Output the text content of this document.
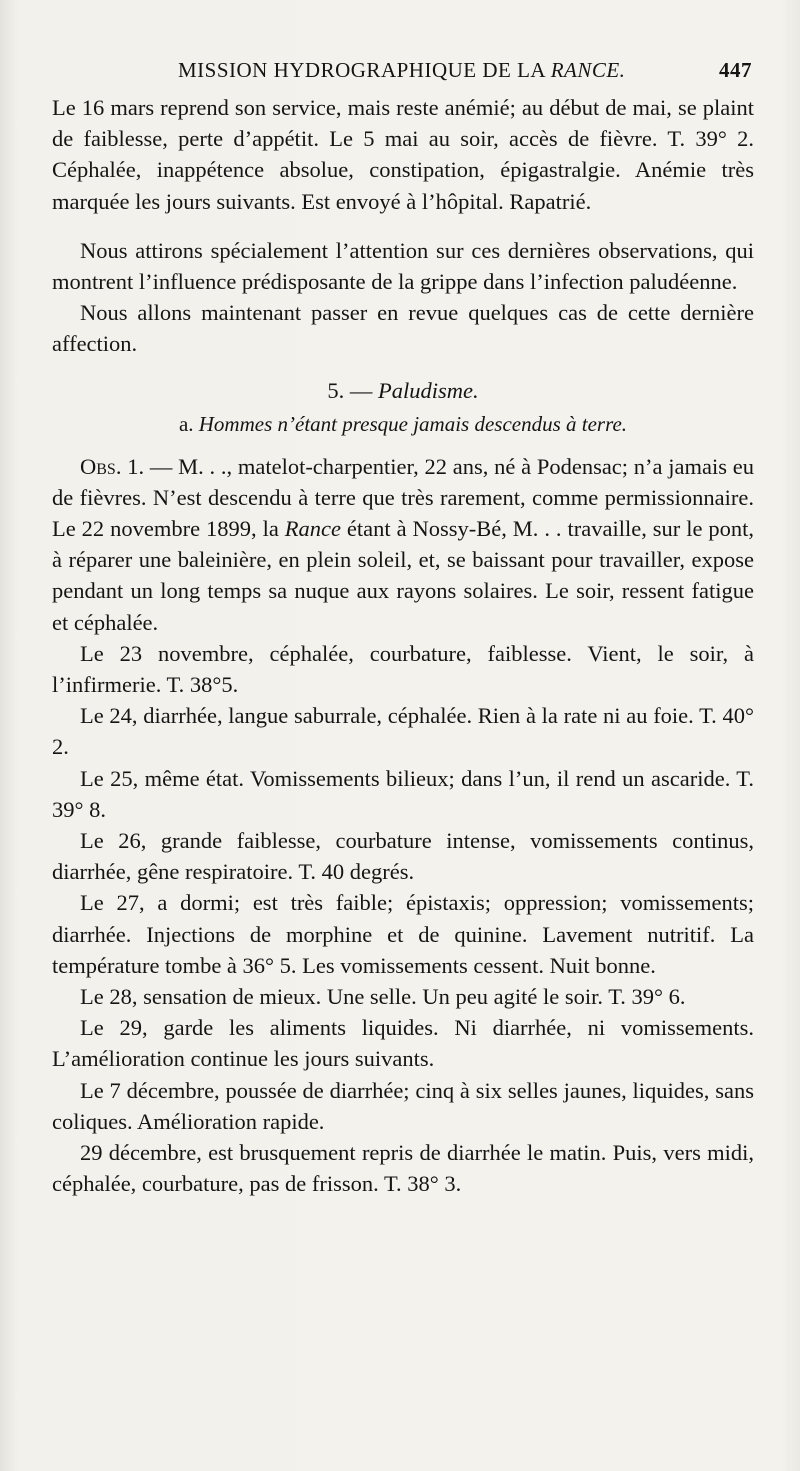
MISSION HYDROGRAPHIQUE DE LA RANCE.	447

Le 16 mars reprend son service, mais reste anémié; au début de mai, se plaint de faiblesse, perte d’appétit. Le 5 mai au soir, accès de fièvre. T. 39° 2. Céphalée, inappétence absolue, constipation, épigastralgie. Anémie très marquée les jours suivants. Est envoyé à l’hôpital. Rapatrié.

Nous attirons spécialement l’attention sur ces dernières observations, qui montrent l’influence prédisposante de la grippe dans l’infection paludéenne.

Nous allons maintenant passer en revue quelques cas de cette dernière affection.

5. — Paludisme.
a. Hommes n’étant presque jamais descendus à terre.

Obs. 1. — M. . ., matelot-charpentier, 22 ans, né à Podensac; n’a jamais eu de fièvres. N’est descendu à terre que très rarement, comme permissionnaire. Le 22 novembre 1899, la Rance étant à Nossy-Bé, M. . . travaille, sur le pont, à réparer une baleinière, en plein soleil, et, se baissant pour travailler, expose pendant un long temps sa nuque aux rayons solaires. Le soir, ressent fatigue et céphalée.

Le 23 novembre, céphalée, courbature, faiblesse. Vient, le soir, à l’infirmerie. T. 38°5.

Le 24, diarrhée, langue saburrale, céphalée. Rien à la rate ni au foie. T. 40° 2.

Le 25, même état. Vomissements bilieux; dans l’un, il rend un ascaride. T. 39° 8.

Le 26, grande faiblesse, courbature intense, vomissements continus, diarrhée, gêne respiratoire. T. 40 degrés.

Le 27, a dormi; est très faible; épistaxis; oppression; vomissements; diarrhée. Injections de morphine et de quinine. Lavement nutritif. La température tombe à 36° 5. Les vomissements cessent. Nuit bonne.

Le 28, sensation de mieux. Une selle. Un peu agité le soir. T. 39° 6.

Le 29, garde les aliments liquides. Ni diarrhée, ni vomissements. L’amélioration continue les jours suivants.

Le 7 décembre, poussée de diarrhée; cinq à six selles jaunes, liquides, sans coliques. Amélioration rapide.

29 décembre, est brusquement repris de diarrhée le matin. Puis, vers midi, céphalée, courbature, pas de frisson. T. 38° 3.
